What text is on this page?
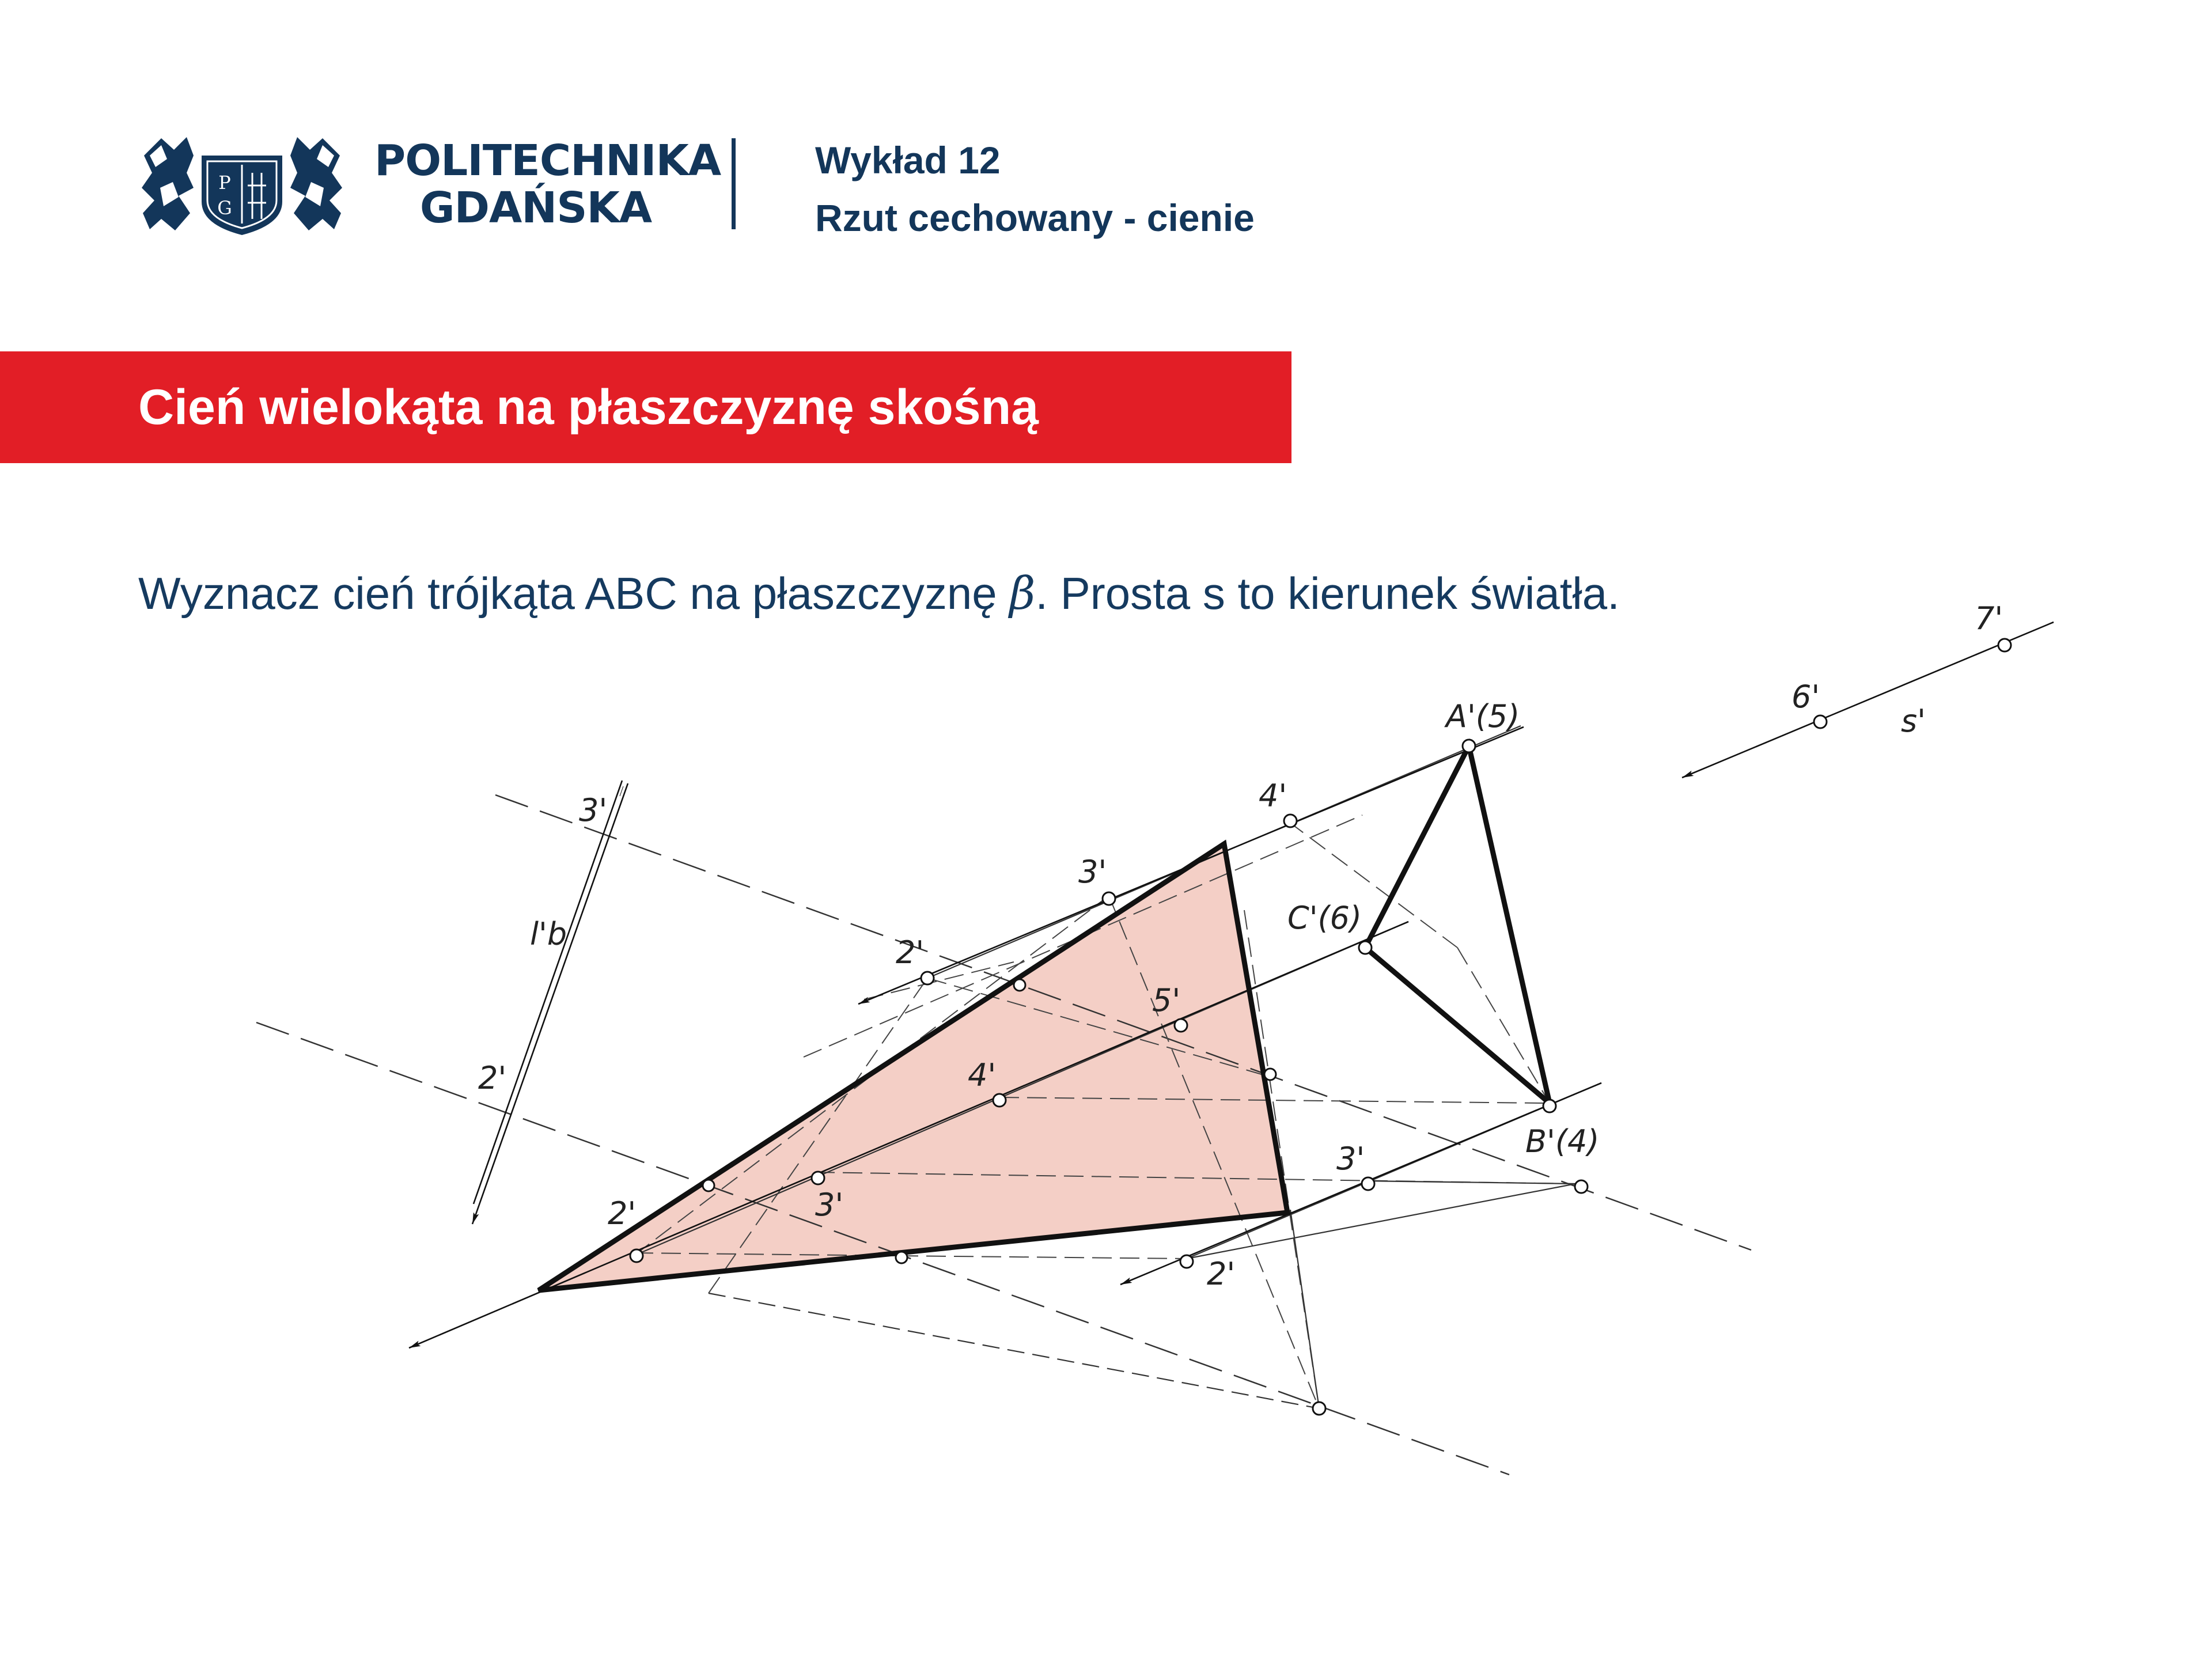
P
G
POLITECHNIKA
GDAŃSKA
Wykład 12
Rzut cechowany - cienie
Cień wielokąta na płaszczyznę skośną
Wyznacz cień trójkąta ABC na płaszczyznę β. Prosta s to kierunek światła.
A'(5)
B'(4)
C'(6)
s'
6'
7'
3'
2'
l'b
4'
3'
2'
5'
4'
3'
2'
3'
2'
